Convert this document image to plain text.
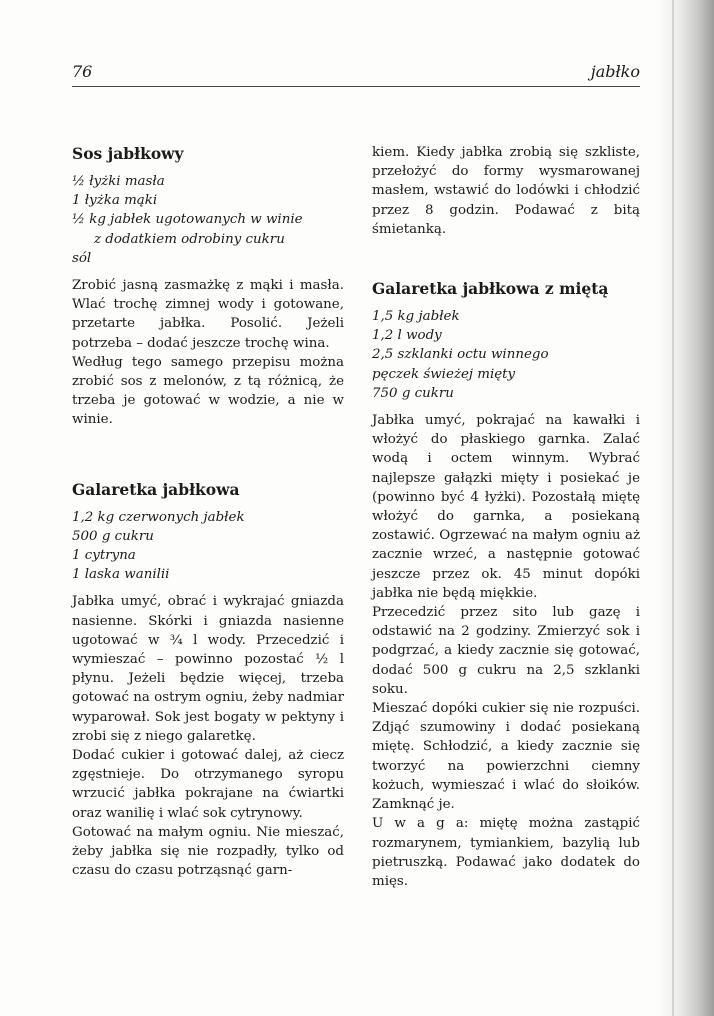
76	jabłko
Sos jabłkowy
½ łyżki masła
1 łyżka mąki
½ kg jabłek ugotowanych w winie
z dodatkiem odrobiny cukru
sól

Zrobić jasną zasmażkę z mąki i masła. Wlać trochę zimnej wody i gotowane, przetarte jabłka. Posolić. Jeżeli potrzeba – dodać jeszcze trochę wina.

Według tego samego przepisu można zrobić sos z melonów, z tą różnicą, że trzeba je gotować w wodzie, a nie w winie.

Galaretka jabłkowa
1,2 kg czerwonych jabłek
500 g cukru
1 cytryna
1 laska wanilii

Jabłka umyć, obrać i wykrajać gniazda nasienne. Skórki i gniazda nasienne ugotować w ¾ l wody. Przecedzić i wymieszać – powinno pozostać ½ l płynu. Jeżeli będzie więcej, trzeba gotować na ostrym ogniu, żeby nadmiar wyparował. Sok jest bogaty w pektyny i zrobi się z niego galaretkę.

Dodać cukier i gotować dalej, aż ciecz zgęstnieje. Do otrzymanego syropu wrzucić jabłka pokrajane na ćwiartki oraz wanilię i wlać sok cytrynowy.

Gotować na małym ogniu. Nie mieszać, żeby jabłka się nie rozpadły, tylko od czasu do czasu potrząsnąć garn-

kiem. Kiedy jabłka zrobią się szkliste, przełożyć do formy wysmarowanej masłem, wstawić do lodówki i chłodzić przez 8 godzin. Podawać z bitą śmietanką.

Galaretka jabłkowa z miętą
1,5 kg jabłek
1,2 l wody
2,5 szklanki octu winnego
pęczek świeżej mięty
750 g cukru

Jabłka umyć, pokrajać na kawałki i włożyć do płaskiego garnka. Zalać wodą i octem winnym. Wybrać najlepsze gałązki mięty i posiekać je (powinno być 4 łyżki). Pozostałą miętę włożyć do garnka, a posiekaną zostawić. Ogrzewać na małym ogniu aż zacznie wrzeć, a następnie gotować jeszcze przez ok. 45 minut dopóki jabłka nie będą miękkie.

Przecedzić przez sito lub gazę i odstawić na 2 godziny. Zmierzyć sok i podgrzać, a kiedy zacznie się gotować, dodać 500 g cukru na 2,5 szklanki soku.

Mieszać dopóki cukier się nie rozpuści. Zdjąć szumowiny i dodać posiekaną miętę. Schłodzić, a kiedy zacznie się tworzyć na powierzchni ciemny kożuch, wymieszać i wlać do słoików. Zamknąć je.

U w a g a: miętę można zastąpić rozmarynem, tymiankiem, bazylią lub pietruszką. Podawać jako dodatek do mięs.
